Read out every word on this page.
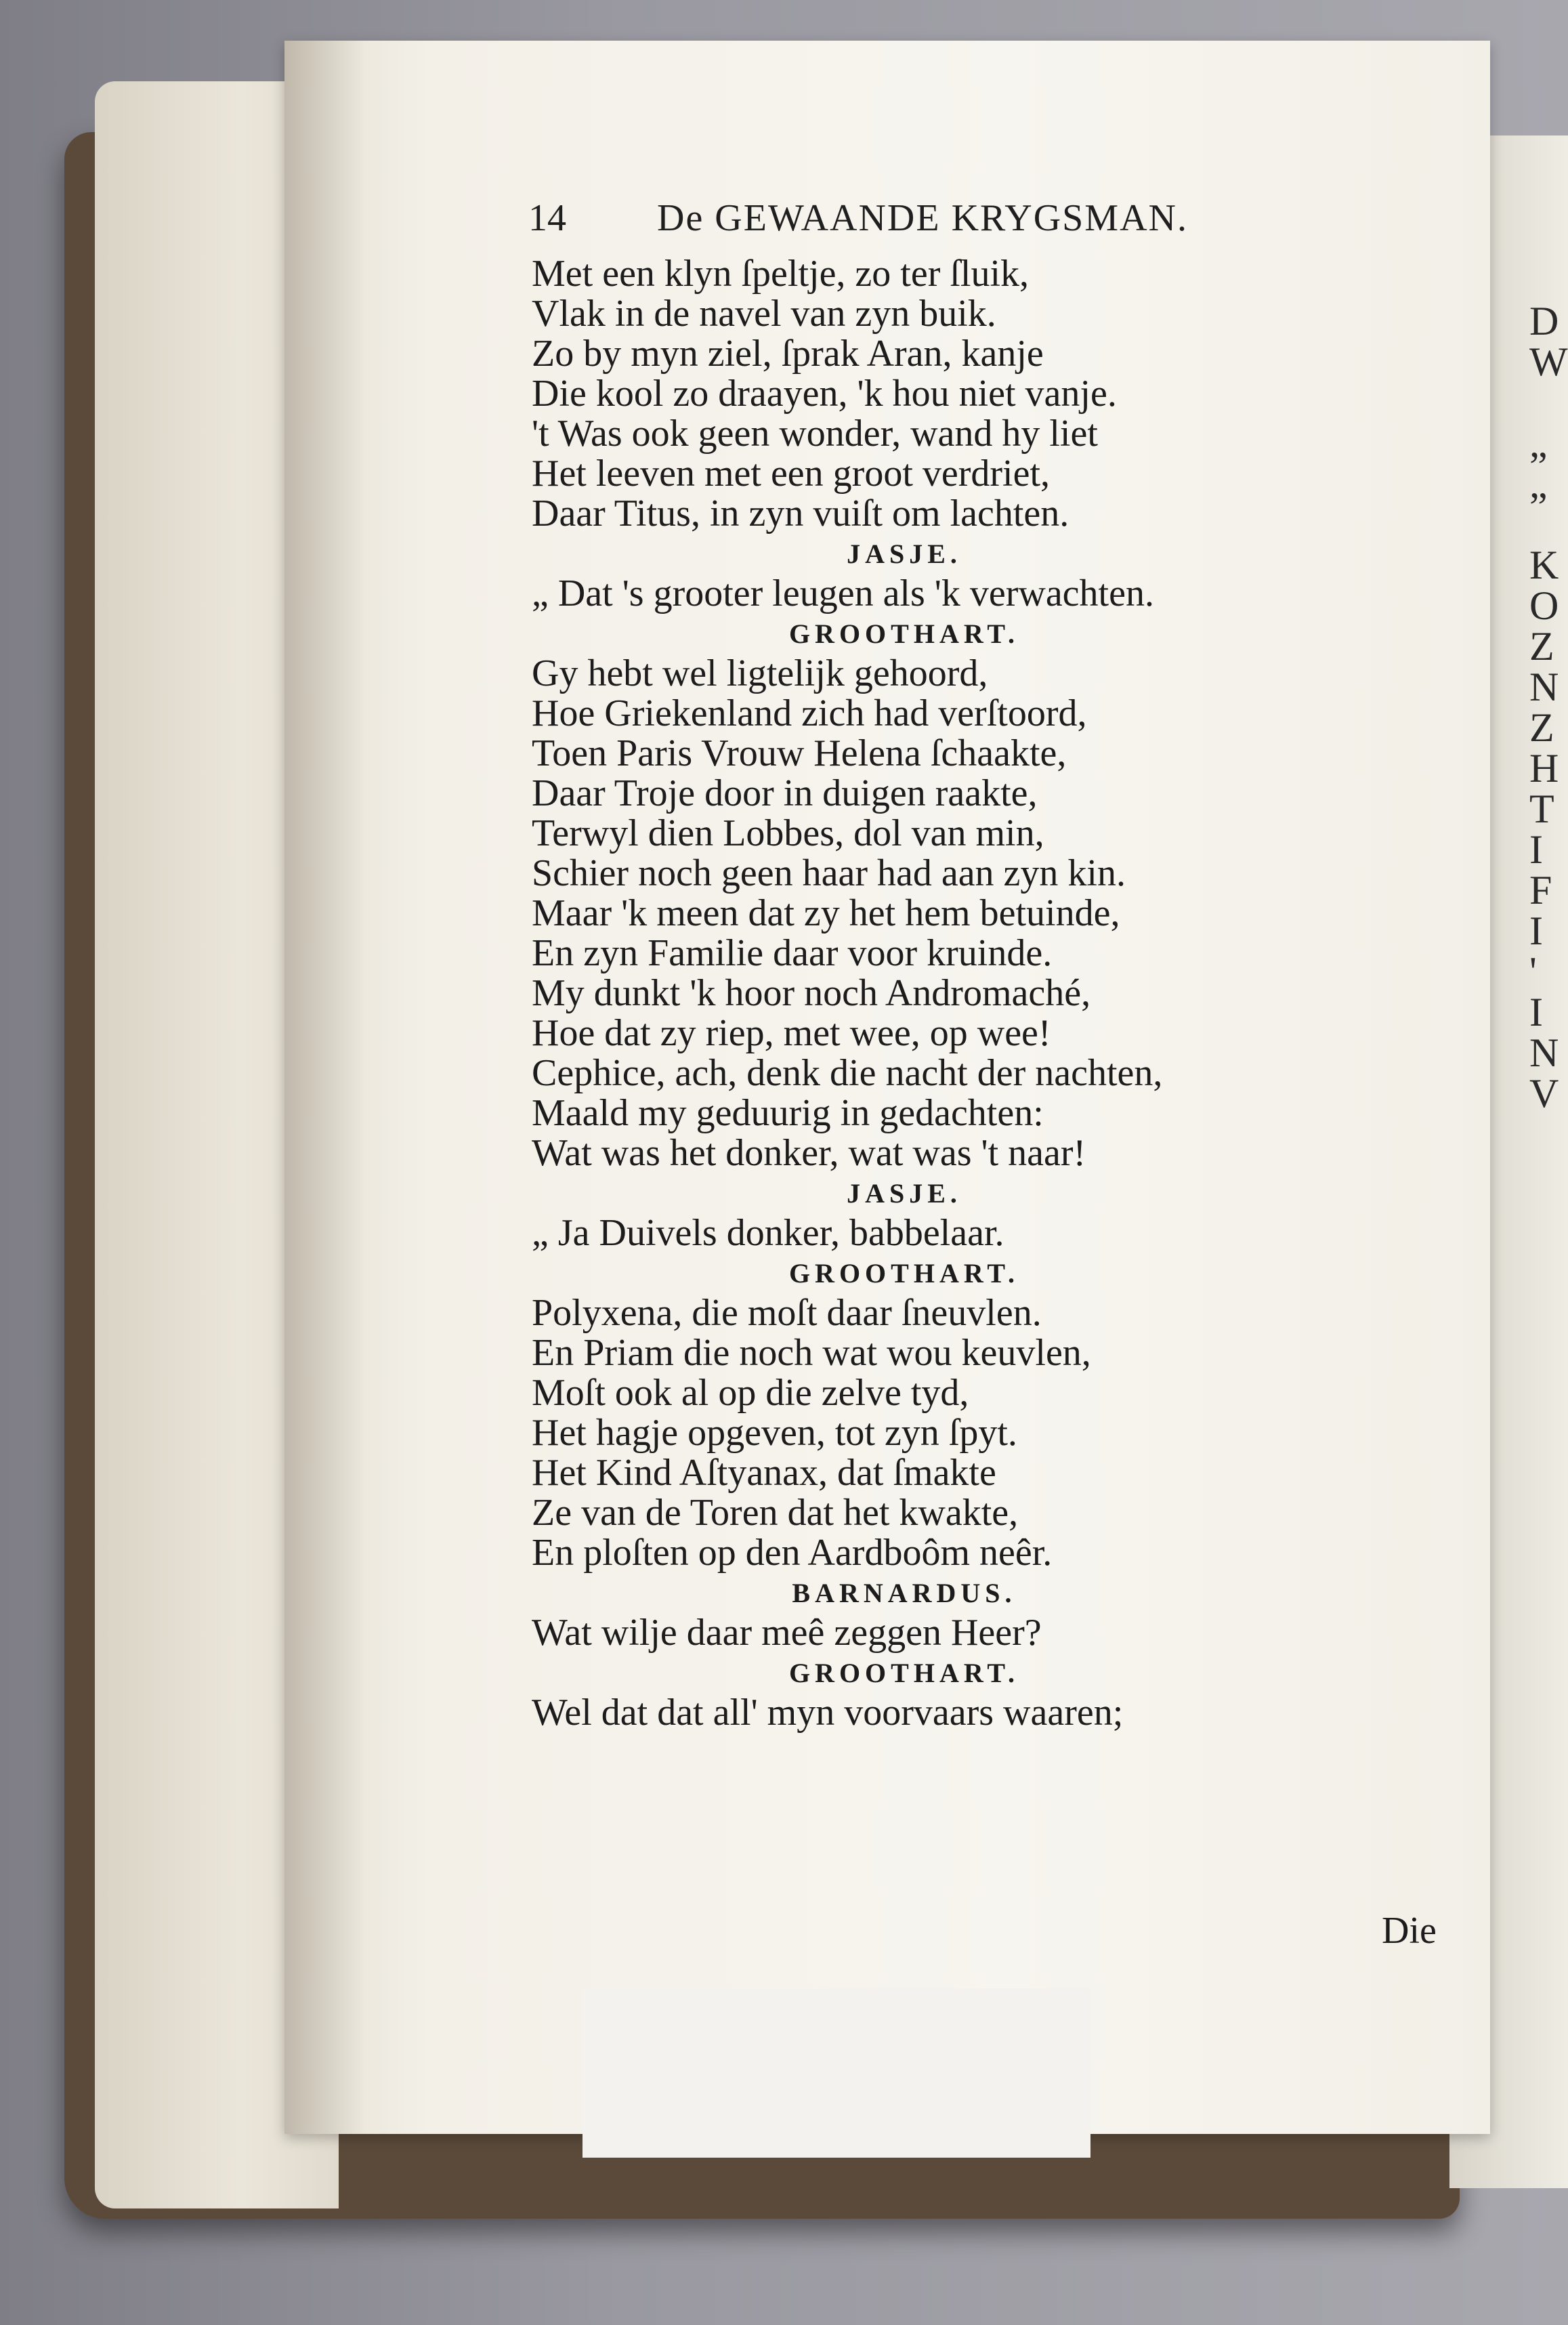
D
W
„
„
K
O
Z
N
Z
H
T
I
F
I
'
I
N
V
14 De GEWAANDE KRYGSMAN.
Met een klyn ſpeltje, zo ter ſluik,
Vlak in de navel van zyn buik.
Zo by myn ziel, ſprak Aran, kanje
Die kool zo draayen, 'k hou niet vanje.
't Was ook geen wonder, wand hy liet
Het leeven met een groot verdriet,
Daar Titus, in zyn vuiſt om lachten.
JASJE.
„ Dat 's grooter leugen als 'k verwachten.
GROOTHART.
Gy hebt wel ligtelijk gehoord,
Hoe Griekenland zich had verſtoord,
Toen Paris Vrouw Helena ſchaakte,
Daar Troje door in duigen raakte,
Terwyl dien Lobbes, dol van min,
Schier noch geen haar had aan zyn kin.
Maar 'k meen dat zy het hem betuinde,
En zyn Familie daar voor kruinde.
My dunkt 'k hoor noch Andromaché,
Hoe dat zy riep, met wee, op wee!
Cephice, ach, denk die nacht der nachten,
Maald my geduurig in gedachten:
Wat was het donker, wat was 't naar!
JASJE.
„ Ja Duivels donker, babbelaar.
GROOTHART.
Polyxena, die moſt daar ſneuvlen.
En Priam die noch wat wou keuvlen,
Moſt ook al op die zelve tyd,
Het hagje opgeven, tot zyn ſpyt.
Het Kind Aſtyanax, dat ſmakte
Ze van de Toren dat het kwakte,
En ploſten op den Aardboôm neêr.
BARNARDUS.
Wat wilje daar meê zeggen Heer?
GROOTHART.
Wel dat dat all' myn voorvaars waaren;
Die
